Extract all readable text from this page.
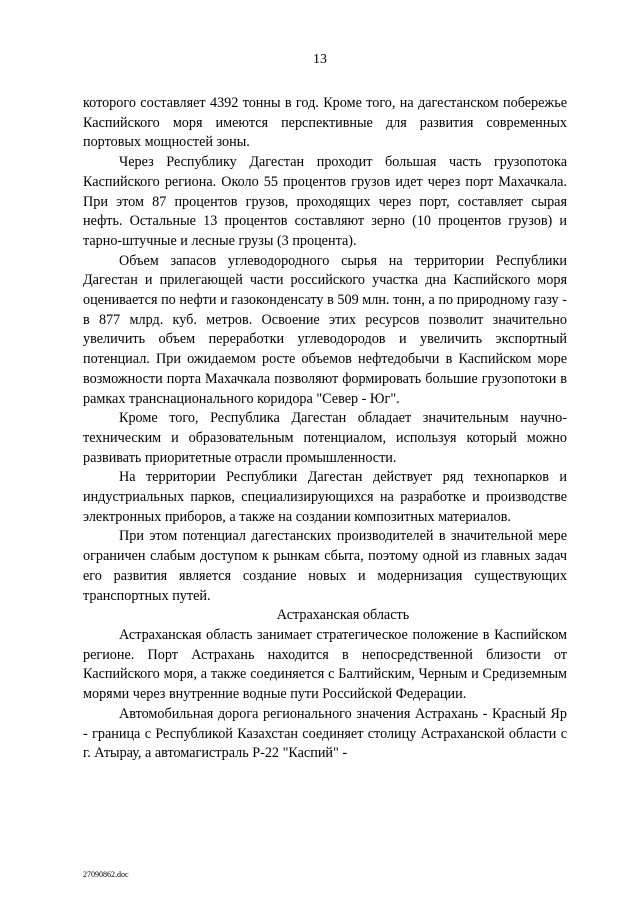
13

которого составляет 4392 тонны в год. Кроме того, на дагестанском побережье Каспийского моря имеются перспективные для развития современных портовых мощностей зоны.

Через Республику Дагестан проходит большая часть грузопотока Каспийского региона. Около 55 процентов грузов идет через порт Махачкала. При этом 87 процентов грузов, проходящих через порт, составляет сырая нефть. Остальные 13 процентов составляют зерно (10 процентов грузов) и тарно-штучные и лесные грузы (3 процента).

Объем запасов углеводородного сырья на территории Республики Дагестан и прилегающей части российского участка дна Каспийского моря оценивается по нефти и газоконденсату в 509 млн. тонн, а по природному газу - в 877 млрд. куб. метров. Освоение этих ресурсов позволит значительно увеличить объем переработки углеводородов и увеличить экспортный потенциал. При ожидаемом росте объемов нефтедобычи в Каспийском море возможности порта Махачкала позволяют формировать большие грузопотоки в рамках транснационального коридора "Север - Юг".

Кроме того, Республика Дагестан обладает значительным научно-техническим и образовательным потенциалом, используя который можно развивать приоритетные отрасли промышленности.

На территории Республики Дагестан действует ряд технопарков и индустриальных парков, специализирующихся на разработке и производстве электронных приборов, а также на создании композитных материалов.

При этом потенциал дагестанских производителей в значительной мере ограничен слабым доступом к рынкам сбыта, поэтому одной из главных задач его развития является создание новых и модернизация существующих транспортных путей.

Астраханская область

Астраханская область занимает стратегическое положение в Каспийском регионе. Порт Астрахань находится в непосредственной близости от Каспийского моря, а также соединяется с Балтийским, Черным и Средиземным морями через внутренние водные пути Российской Федерации.

Автомобильная дорога регионального значения Астрахань - Красный Яр - граница с Республикой Казахстан соединяет столицу Астраханской области с г. Атырау, а автомагистраль Р-22 "Каспий" -

27090862.doc
